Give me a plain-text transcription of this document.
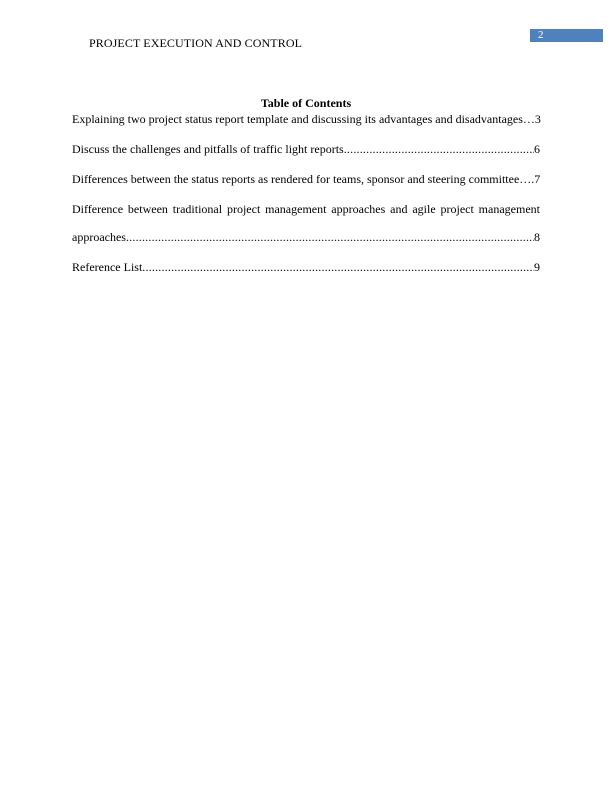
PROJECT EXECUTION AND CONTROL
2
Table of Contents
Explaining two project status report template and discussing its advantages and disadvantages … 3
Discuss the challenges and pitfalls of traffic light reports .....	6
Differences between the status reports as rendered for teams, sponsor and steering committee …. 7
Difference between traditional project management approaches and agile project management
approaches .....	8
Reference List .....	9
